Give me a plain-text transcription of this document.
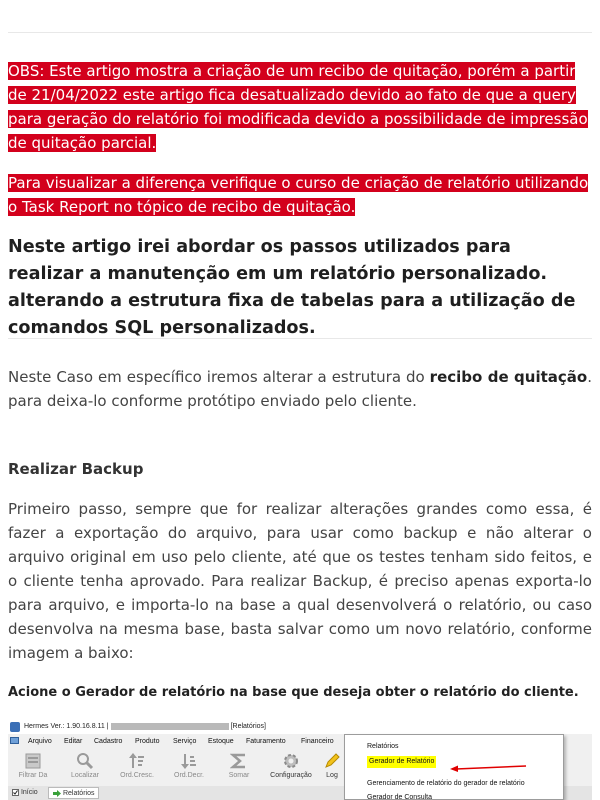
OBS: Este artigo mostra a criação de um recibo de quitação, porém a partir de 21/04/2022 este artigo fica desatualizado devido ao fato de que a query para geração do relatório foi modificada devido a possibilidade de impressão de quitação parcial.

Para visualizar a diferença verifique o curso de criação de relatório utilizando o Task Report no tópico de recibo de quitação.

Neste artigo irei abordar os passos utilizados para realizar a manutenção em um relatório personalizado. alterando a estrutura fixa de tabelas para a utilização de comandos SQL personalizados.

Neste Caso em específico iremos alterar a estrutura do recibo de quitação. para deixa-lo conforme protótipo enviado pelo cliente.

Realizar Backup

Primeiro passo, sempre que for realizar alterações grandes como essa, é fazer a exportação do arquivo, para usar como backup e não alterar o arquivo original em uso pelo cliente, até que os testes tenham sido feitos, e o cliente tenha aprovado. Para realizar Backup, é preciso apenas exporta-lo para arquivo, e importa-lo na base a qual desenvolverá o relatório, ou caso desenvolva na mesma base, basta salvar como um novo relatório, conforme imagem a baixo:

Acione o Gerador de relatório na base que deseja obter o relatório do cliente.

Hermes Ver.: 1.90.16.8.11 |	[Relatórios]
Arquivo Editar Cadastro Produto Serviço Estoque Faturamento Financeiro
Filtrar Da	Localizar	Ord.Cresc.	Ord.Decr.	Somar	Configuração	Log
Início	Relatórios
Relatórios
Gerador de Relatório
Gerenciamento de relatório do gerador de relatório
Gerador de Consulta
